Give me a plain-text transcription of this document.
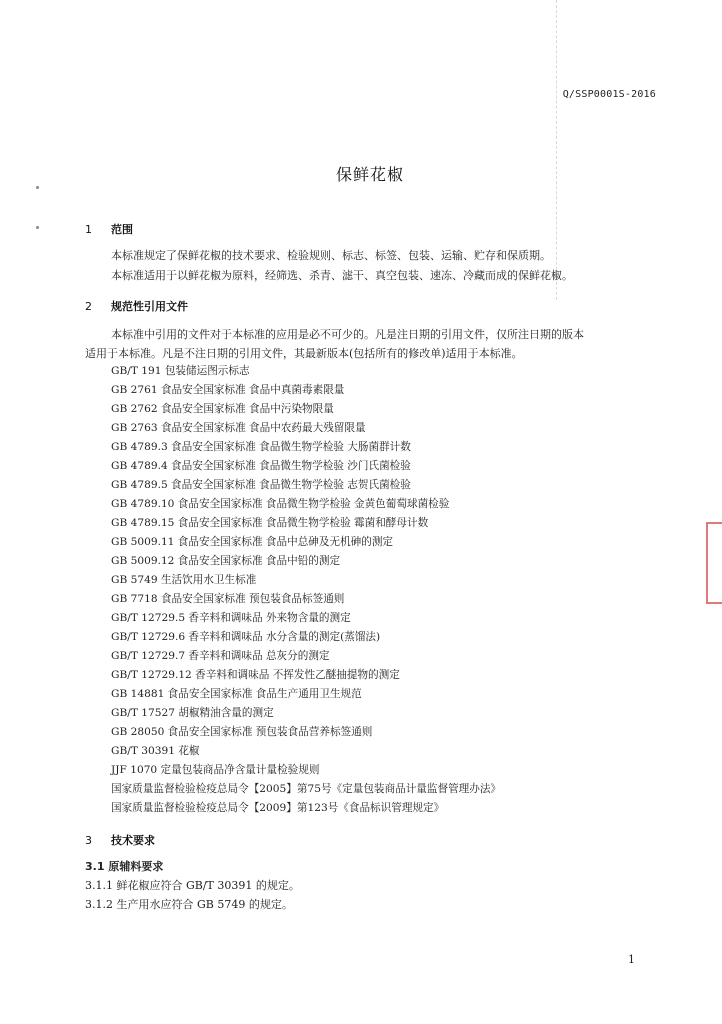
Q/SSP0001S-2016
保鲜花椒
1 范围
本标准规定了保鲜花椒的技术要求、检验规则、标志、标签、包装、运输、贮存和保质期。
本标准适用于以鲜花椒为原料，经筛选、杀青、滤干、真空包装、速冻、冷藏而成的保鲜花椒。
2 规范性引用文件
本标准中引用的文件对于本标准的应用是必不可少的。凡是注日期的引用文件，仅所注日期的版本
适用于本标准。凡是不注日期的引用文件，其最新版本(包括所有的修改单)适用于本标准。
GB/T 191 包装储运图示标志
GB 2761 食品安全国家标准 食品中真菌毒素限量
GB 2762 食品安全国家标准 食品中污染物限量
GB 2763 食品安全国家标准 食品中农药最大残留限量
GB 4789.3 食品安全国家标准 食品微生物学检验 大肠菌群计数
GB 4789.4 食品安全国家标准 食品微生物学检验 沙门氏菌检验
GB 4789.5 食品安全国家标准 食品微生物学检验 志贺氏菌检验
GB 4789.10 食品安全国家标准 食品微生物学检验 金黄色葡萄球菌检验
GB 4789.15 食品安全国家标准 食品微生物学检验 霉菌和酵母计数
GB 5009.11 食品安全国家标准 食品中总砷及无机砷的测定
GB 5009.12 食品安全国家标准 食品中铅的测定
GB 5749 生活饮用水卫生标准
GB 7718 食品安全国家标准 预包装食品标签通则
GB/T 12729.5 香辛料和调味品 外来物含量的测定
GB/T 12729.6 香辛料和调味品 水分含量的测定(蒸馏法)
GB/T 12729.7 香辛料和调味品 总灰分的测定
GB/T 12729.12 香辛料和调味品 不挥发性乙醚抽提物的测定
GB 14881 食品安全国家标准 食品生产通用卫生规范
GB/T 17527 胡椒精油含量的测定
GB 28050 食品安全国家标准 预包装食品营养标签通则
GB/T 30391 花椒
JJF 1070 定量包装商品净含量计量检验规则
国家质量监督检验检疫总局令【2005】第75号《定量包装商品计量监督管理办法》
国家质量监督检验检疫总局令【2009】第123号《食品标识管理规定》
3 技术要求
3.1 原辅料要求
3.1.1 鲜花椒应符合 GB/T 30391 的规定。
3.1.2 生产用水应符合 GB 5749 的规定。
1
